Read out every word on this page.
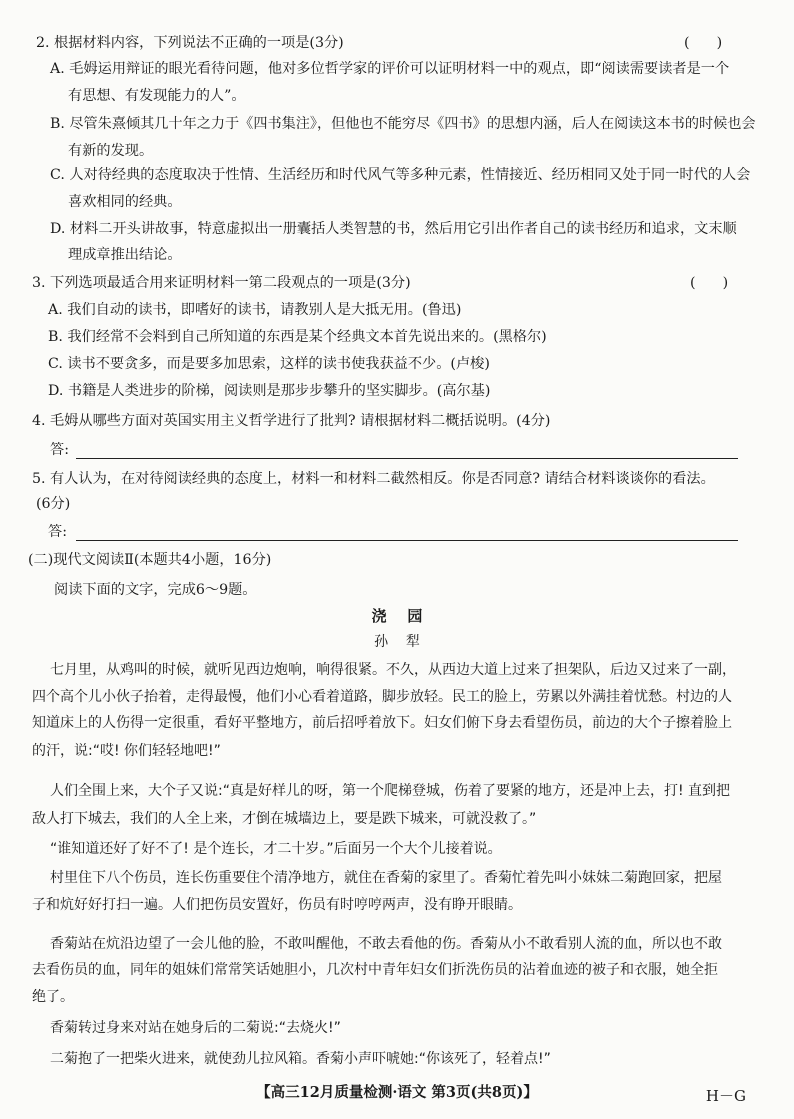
2. 根据材料内容，下列说法不正确的一项是(3分)	(      )
A. 毛姆运用辩证的眼光看待问题，他对多位哲学家的评价可以证明材料一中的观点，即“阅读需要读者是一个
有思想、有发现能力的人”。
B. 尽管朱熹倾其几十年之力于《四书集注》，但他也不能穷尽《四书》的思想内涵，后人在阅读这本书的时候也会
有新的发现。
C. 人对待经典的态度取决于性情、生活经历和时代风气等多种元素，性情接近、经历相同又处于同一时代的人会
喜欢相同的经典。
D. 材料二开头讲故事，特意虚拟出一册囊括人类智慧的书，然后用它引出作者自己的读书经历和追求，文末顺
理成章推出结论。
3. 下列选项最适合用来证明材料一第二段观点的一项是(3分)	(      )
A. 我们自动的读书，即嗜好的读书，请教别人是大抵无用。(鲁迅)
B. 我们经常不会料到自己所知道的东西是某个经典文本首先说出来的。(黑格尔)
C. 读书不要贪多，而是要多加思索，这样的读书使我获益不少。(卢梭)
D. 书籍是人类进步的阶梯，阅读则是那步步攀升的坚实脚步。(高尔基)
4. 毛姆从哪些方面对英国实用主义哲学进行了批判? 请根据材料二概括说明。(4分)
答:
5. 有人认为，在对待阅读经典的态度上，材料一和材料二截然相反。你是否同意? 请结合材料谈谈你的看法。
(6分)
答:
(二)现代文阅读Ⅱ(本题共4小题，16分)
阅读下面的文字，完成6～9题。
浇    园
孙    犁
七月里，从鸡叫的时候，就听见西边炮响，响得很紧。不久，从西边大道上过来了担架队，后边又过来了一副，
四个高个儿小伙子抬着，走得最慢，他们小心看着道路，脚步放轻。民工的脸上，劳累以外满挂着忧愁。村边的人
知道床上的人伤得一定很重，看好平整地方，前后招呼着放下。妇女们俯下身去看望伤员，前边的大个子擦着脸上
的汗，说:“哎! 你们轻轻地吧!”
人们全围上来，大个子又说:“真是好样儿的呀，第一个爬梯登城，伤着了要紧的地方，还是冲上去，打! 直到把
敌人打下城去，我们的人全上来，才倒在城墙边上，要是跌下城来，可就没救了。”
“谁知道还好了好不了! 是个连长，才二十岁。”后面另一个大个儿接着说。
村里住下八个伤员，连长伤重要住个清净地方，就住在香菊的家里了。香菊忙着先叫小妹妹二菊跑回家，把屋
子和炕好好打扫一遍。人们把伤员安置好，伤员有时哼哼两声，没有睁开眼睛。
香菊站在炕沿边望了一会儿他的脸，不敢叫醒他，不敢去看他的伤。香菊从小不敢看别人流的血，所以也不敢
去看伤员的血，同年的姐妹们常常笑话她胆小，几次村中青年妇女们折洗伤员的沾着血迹的被子和衣服，她全拒
绝了。
香菊转过身来对站在她身后的二菊说:“去烧火!”
二菊抱了一把柴火进来，就使劲儿拉风箱。香菊小声吓唬她:“你该死了，轻着点!”
【高三12月质量检测·语文 第3页(共8页)】	H－G
